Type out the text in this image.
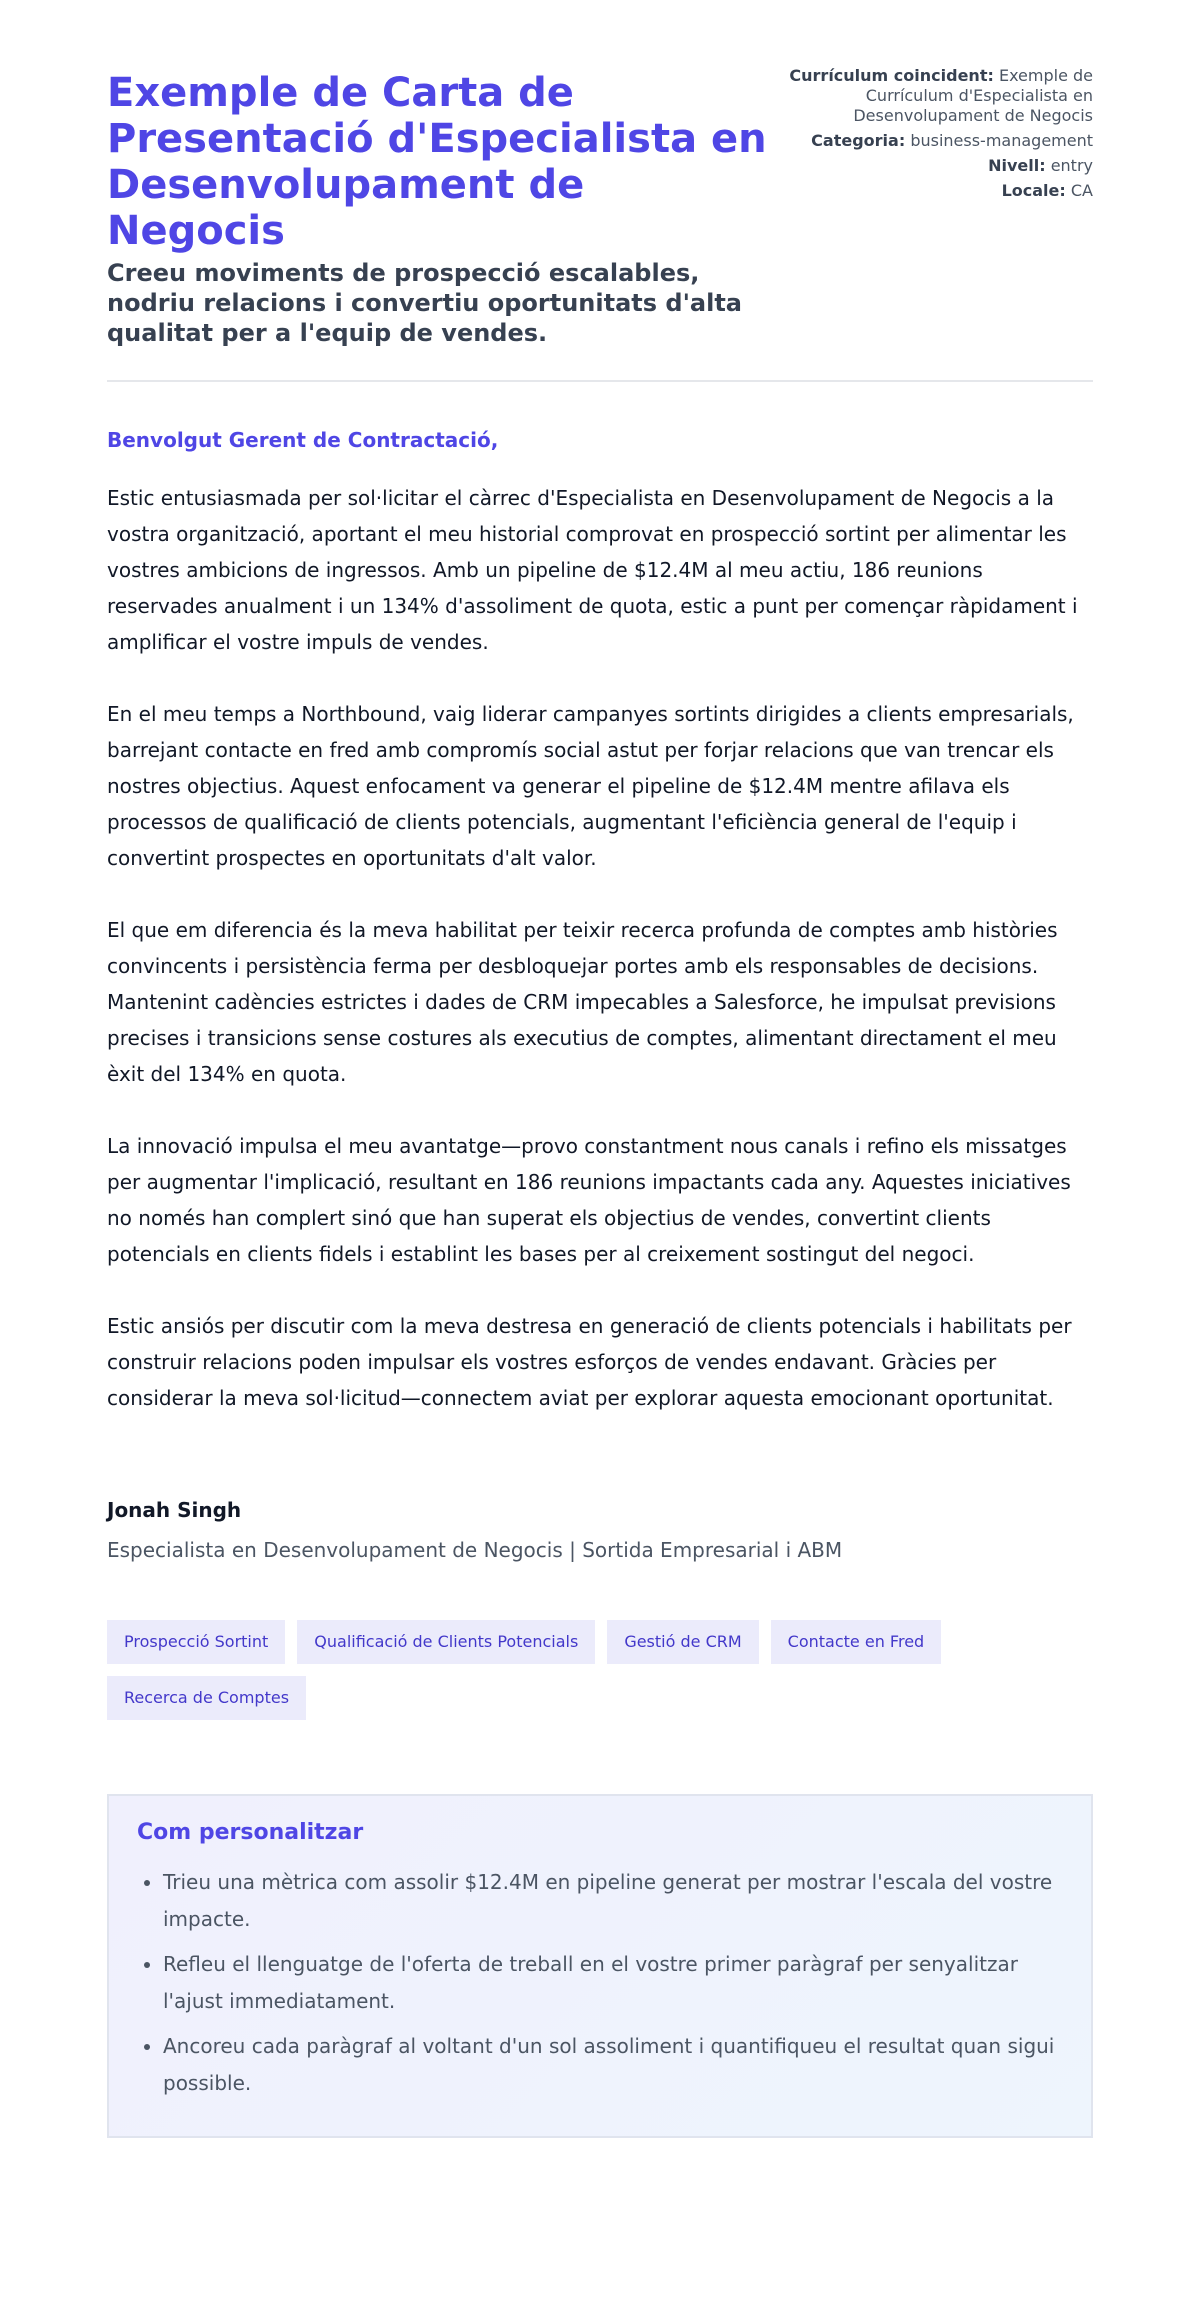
Exemple de Carta de Presentació d'Especialista en Desenvolupament de Negocis
Creeu moviments de prospecció escalables, nodriu relacions i convertiu oportunitats d'alta qualitat per a l'equip de vendes.
Currículum coincident: Exemple de Currículum d'Especialista en Desenvolupament de Negocis
Categoria: business-management
Nivell: entry
Locale: CA

Benvolgut Gerent de Contractació,

Estic entusiasmada per sol·licitar el càrrec d'Especialista en Desenvolupament de Negocis a la vostra organització, aportant el meu historial comprovat en prospecció sortint per alimentar les vostres ambicions de ingressos. Amb un pipeline de $12.4M al meu actiu, 186 reunions reservades anualment i un 134% d'assoliment de quota, estic a punt per començar ràpidament i amplificar el vostre impuls de vendes.

En el meu temps a Northbound, vaig liderar campanyes sortints dirigides a clients empresarials, barrejant contacte en fred amb compromís social astut per forjar relacions que van trencar els nostres objectius. Aquest enfocament va generar el pipeline de $12.4M mentre afilava els processos de qualificació de clients potencials, augmentant l'eficiència general de l'equip i convertint prospectes en oportunitats d'alt valor.

El que em diferencia és la meva habilitat per teixir recerca profunda de comptes amb històries convincents i persistència ferma per desbloquejar portes amb els responsables de decisions. Mantenint cadències estrictes i dades de CRM impecables a Salesforce, he impulsat previsions precises i transicions sense costures als executius de comptes, alimentant directament el meu èxit del 134% en quota.

La innovació impulsa el meu avantatge—provo constantment nous canals i refino els missatges per augmentar l'implicació, resultant en 186 reunions impactants cada any. Aquestes iniciatives no només han complert sinó que han superat els objectius de vendes, convertint clients potencials en clients fidels i establint les bases per al creixement sostingut del negoci.

Estic ansiós per discutir com la meva destresa en generació de clients potencials i habilitats per construir relacions poden impulsar els vostres esforços de vendes endavant. Gràcies per considerar la meva sol·licitud—connectem aviat per explorar aquesta emocionant oportunitat.

Jonah Singh
Especialista en Desenvolupament de Negocis | Sortida Empresarial i ABM
Prospecció Sortint	Qualificació de Clients Potencials	Gestió de CRM	Contacte en Fred
Recerca de Comptes
Com personalitzar
• Trieu una mètrica com assolir $12.4M en pipeline generat per mostrar l'escala del vostre impacte.
• Refleu el llenguatge de l'oferta de treball en el vostre primer paràgraf per senyalitzar l'ajust immediatament.
• Ancoreu cada paràgraf al voltant d'un sol assoliment i quantifiqueu el resultat quan sigui possible.
